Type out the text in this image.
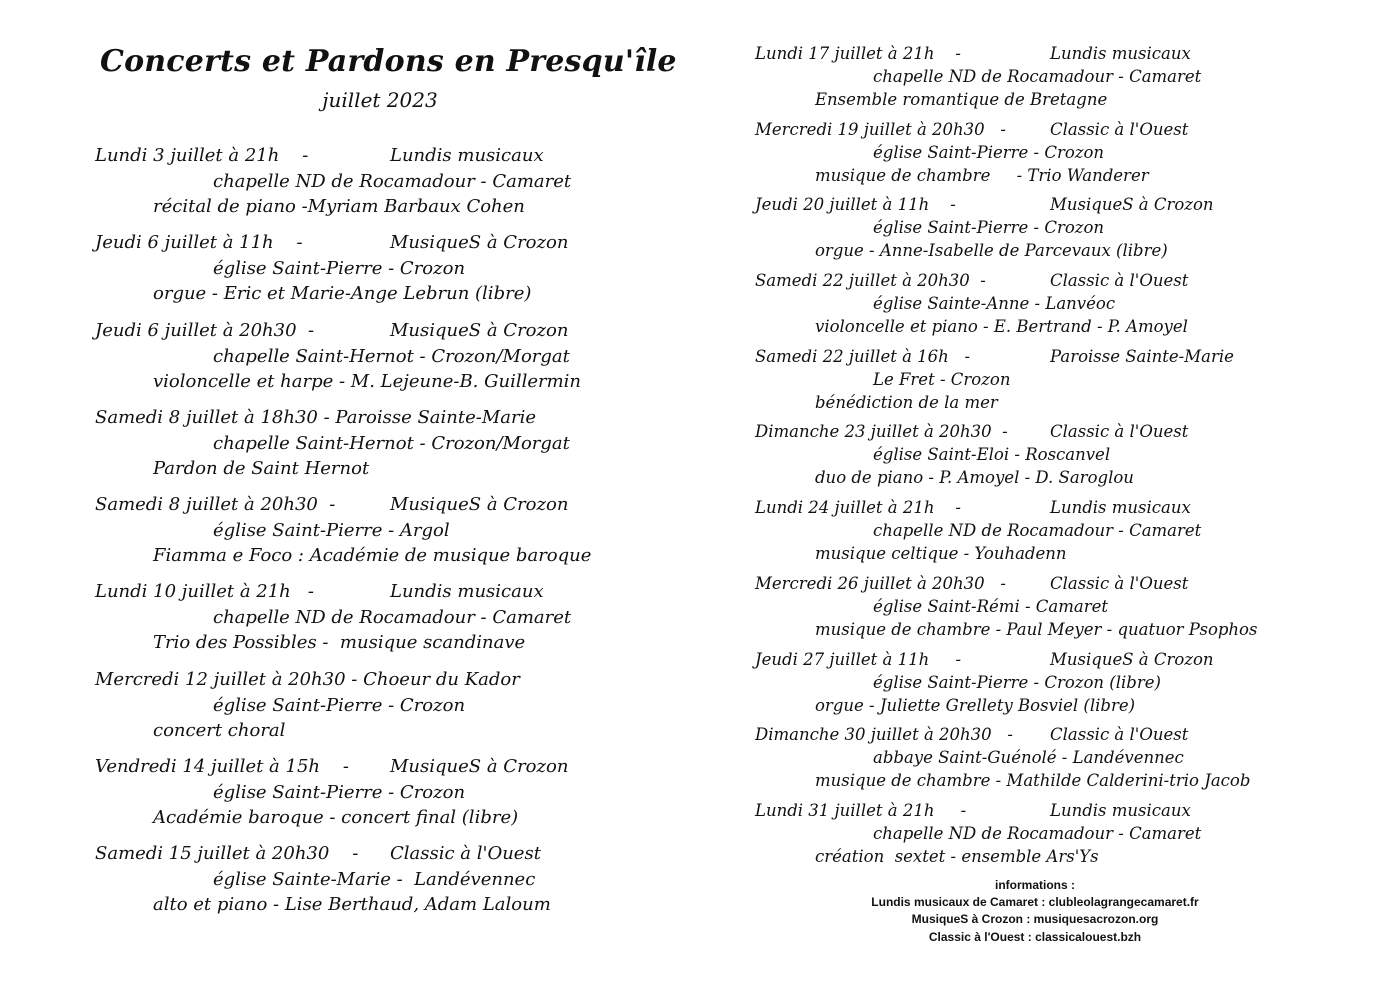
Concerts et Pardons en Presqu'île
juillet 2023
Lundi 3 juillet à 21h    -	Lundis musicaux
chapelle ND de Rocamadour - Camaret
récital de piano -Myriam Barbaux Cohen
Jeudi 6 juillet à 11h    -	MusiqueS à Crozon
église Saint-Pierre - Crozon
orgue - Eric et Marie-Ange Lebrun (libre)
Jeudi 6 juillet à 20h30  -	MusiqueS à Crozon
chapelle Saint-Hernot - Crozon/Morgat
violoncelle et harpe - M. Lejeune-B. Guillermin
Samedi 8 juillet à 18h30 - Paroisse Sainte-Marie
chapelle Saint-Hernot - Crozon/Morgat
Pardon de Saint Hernot
Samedi 8 juillet à 20h30  -	MusiqueS à Crozon
église Saint-Pierre - Argol
Fiamma e Foco : Académie de musique baroque
Lundi 10 juillet à 21h   -	Lundis musicaux
chapelle ND de Rocamadour - Camaret
Trio des Possibles -  musique scandinave
Mercredi 12 juillet à 20h30 - Choeur du Kador
église Saint-Pierre - Crozon
concert choral
Vendredi 14 juillet à 15h    - MusiqueS à Crozon
église Saint-Pierre - Crozon
Académie baroque - concert final (libre)
Samedi 15 juillet à 20h30    - Classic à l'Ouest
église Sainte-Marie -  Landévennec
alto et piano - Lise Berthaud, Adam Laloum
Lundi 17 juillet à 21h    -	Lundis musicaux
chapelle ND de Rocamadour - Camaret
Ensemble romantique de Bretagne
Mercredi 19 juillet à 20h30   -	Classic à l'Ouest
église Saint-Pierre - Crozon
musique de chambre     - Trio Wanderer
Jeudi 20 juillet à 11h    -	MusiqueS à Crozon
église Saint-Pierre - Crozon
orgue - Anne-Isabelle de Parcevaux (libre)
Samedi 22 juillet à 20h30  -	Classic à l'Ouest
église Sainte-Anne - Lanvéoc
violoncelle et piano - E. Bertrand - P. Amoyel
Samedi 22 juillet à 16h   -	Paroisse Sainte-Marie
Le Fret - Crozon
bénédiction de la mer
Dimanche 23 juillet à 20h30  -	Classic à l'Ouest
église Saint-Eloi - Roscanvel
duo de piano - P. Amoyel - D. Saroglou
Lundi 24 juillet à 21h    -	Lundis musicaux
chapelle ND de Rocamadour - Camaret
musique celtique - Youhadenn
Mercredi 26 juillet à 20h30   -	Classic à l'Ouest
église Saint-Rémi - Camaret
musique de chambre - Paul Meyer - quatuor Psophos
Jeudi 27 juillet à 11h     -	MusiqueS à Crozon
église Saint-Pierre - Crozon (libre)
orgue - Juliette Grellety Bosviel (libre)
Dimanche 30 juillet à 20h30   - Classic à l'Ouest
abbaye Saint-Guénolé - Landévennec
musique de chambre - Mathilde Calderini-trio Jacob
Lundi 31 juillet à 21h     -	Lundis musicaux
chapelle ND de Rocamadour - Camaret
création  sextet - ensemble Ars'Ys
informations :
Lundis musicaux de Camaret : clubleolagrangecamaret.fr
MusiqueS à Crozon : musiquesacrozon.org
Classic à l'Ouest : classicalouest.bzh
